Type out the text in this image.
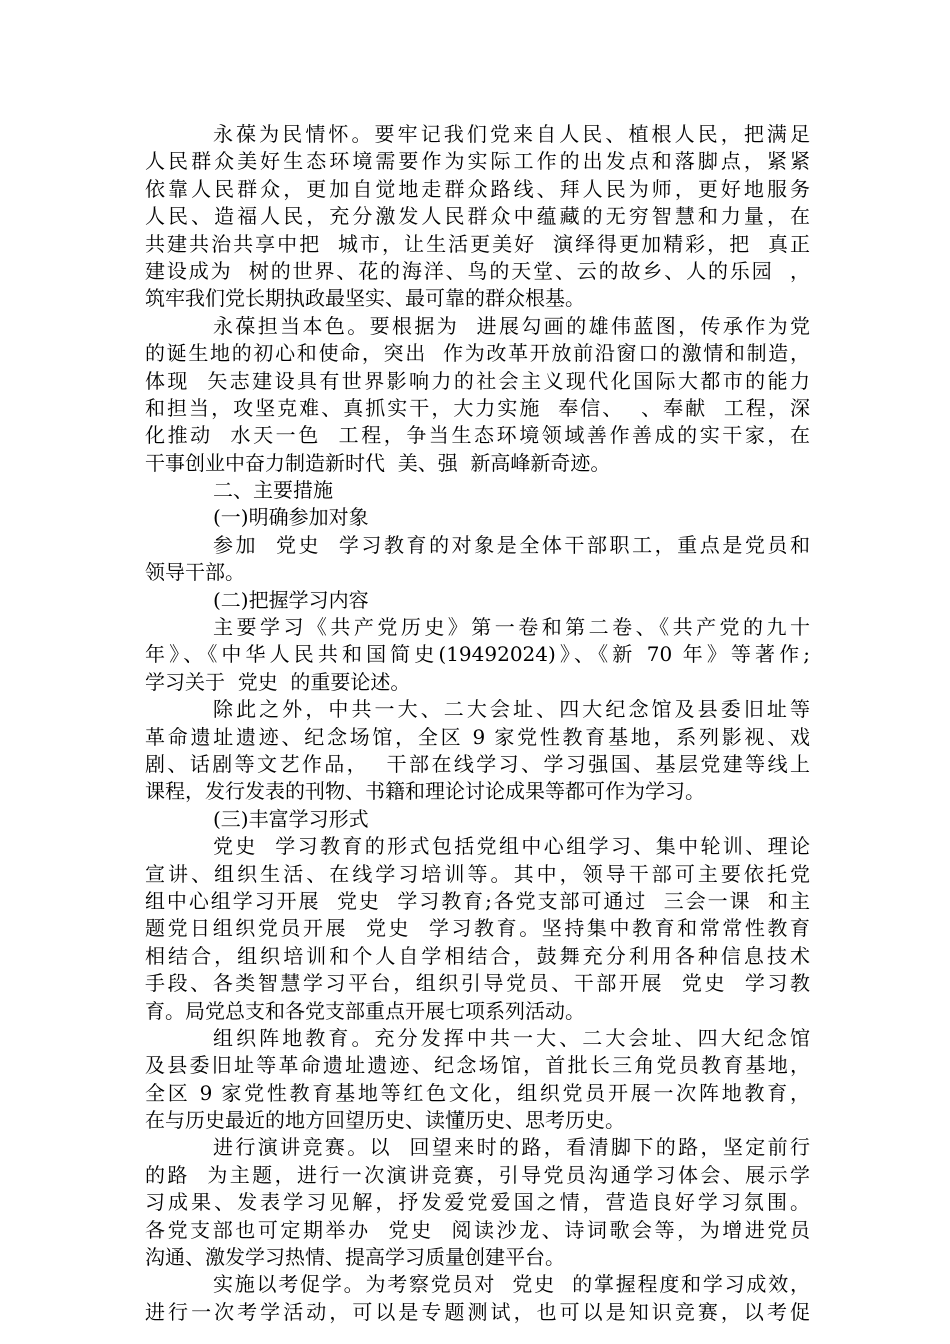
永葆为民情怀。要牢记我们党来自人民、植根人民，把满足
人民群众美好生态环境需要作为实际工作的出发点和落脚点，紧紧
依靠人民群众，更加自觉地走群众路线、拜人民为师，更好地服务
人民、造福人民，充分激发人民群众中蕴藏的无穷智慧和力量，在
共建共治共享中把  城市，让生活更美好  演绎得更加精彩，把  真正
建设成为  树的世界、花的海洋、鸟的天堂、云的故乡、人的乐园  ，
筑牢我们党长期执政最坚实、最可靠的群众根基。
永葆担当本色。要根据为  进展勾画的雄伟蓝图，传承作为党
的诞生地的初心和使命，突出  作为改革开放前沿窗口的激情和制造，
体现  矢志建设具有世界影响力的社会主义现代化国际大都市的能力
和担当，攻坚克难、真抓实干，大力实施  奉信、  、奉献  工程，深
化推动  水天一色  工程，争当生态环境领域善作善成的实干家，在
干事创业中奋力制造新时代  美、强  新高峰新奇迹。
二、主要措施
(一)明确参加对象
参加  党史  学习教育的对象是全体干部职工，重点是党员和
领导干部。
(二)把握学习内容
主要学习《共产党历史》第一卷和第二卷、《共产党的九十
年》、《中华人民共和国简史(19492024)》、《新 70 年》等著作;
学习关于  党史  的重要论述。
除此之外，中共一大、二大会址、四大纪念馆及县委旧址等
革命遗址遗迹、纪念场馆，全区 9 家党性教育基地，系列影视、戏
剧、话剧等文艺作品，  干部在线学习、学习强国、基层党建等线上
课程，发行发表的刊物、书籍和理论讨论成果等都可作为学习。
(三)丰富学习形式
党史  学习教育的形式包括党组中心组学习、集中轮训、理论
宣讲、组织生活、在线学习培训等。其中，领导干部可主要依托党
组中心组学习开展  党史  学习教育;各党支部可通过  三会一课  和主
题党日组织党员开展  党史  学习教育。坚持集中教育和常常性教育
相结合，组织培训和个人自学相结合，鼓舞充分利用各种信息技术
手段、各类智慧学习平台，组织引导党员、干部开展  党史  学习教
育。局党总支和各党支部重点开展七项系列活动。
组织阵地教育。充分发挥中共一大、二大会址、四大纪念馆
及县委旧址等革命遗址遗迹、纪念场馆，首批长三角党员教育基地，
全区 9 家党性教育基地等红色文化，组织党员开展一次阵地教育，
在与历史最近的地方回望历史、读懂历史、思考历史。
进行演讲竞赛。以  回望来时的路，看清脚下的路，坚定前行
的路  为主题，进行一次演讲竞赛，引导党员沟通学习体会、展示学
习成果、发表学习见解，抒发爱党爱国之情，营造良好学习氛围。
各党支部也可定期举办  党史  阅读沙龙、诗词歌会等，为增进党员
沟通、激发学习热情、提高学习质量创建平台。
实施以考促学。为考察党员对  党史  的掌握程度和学习成效，
进行一次考学活动，可以是专题测试，也可以是知识竞赛，以考促
